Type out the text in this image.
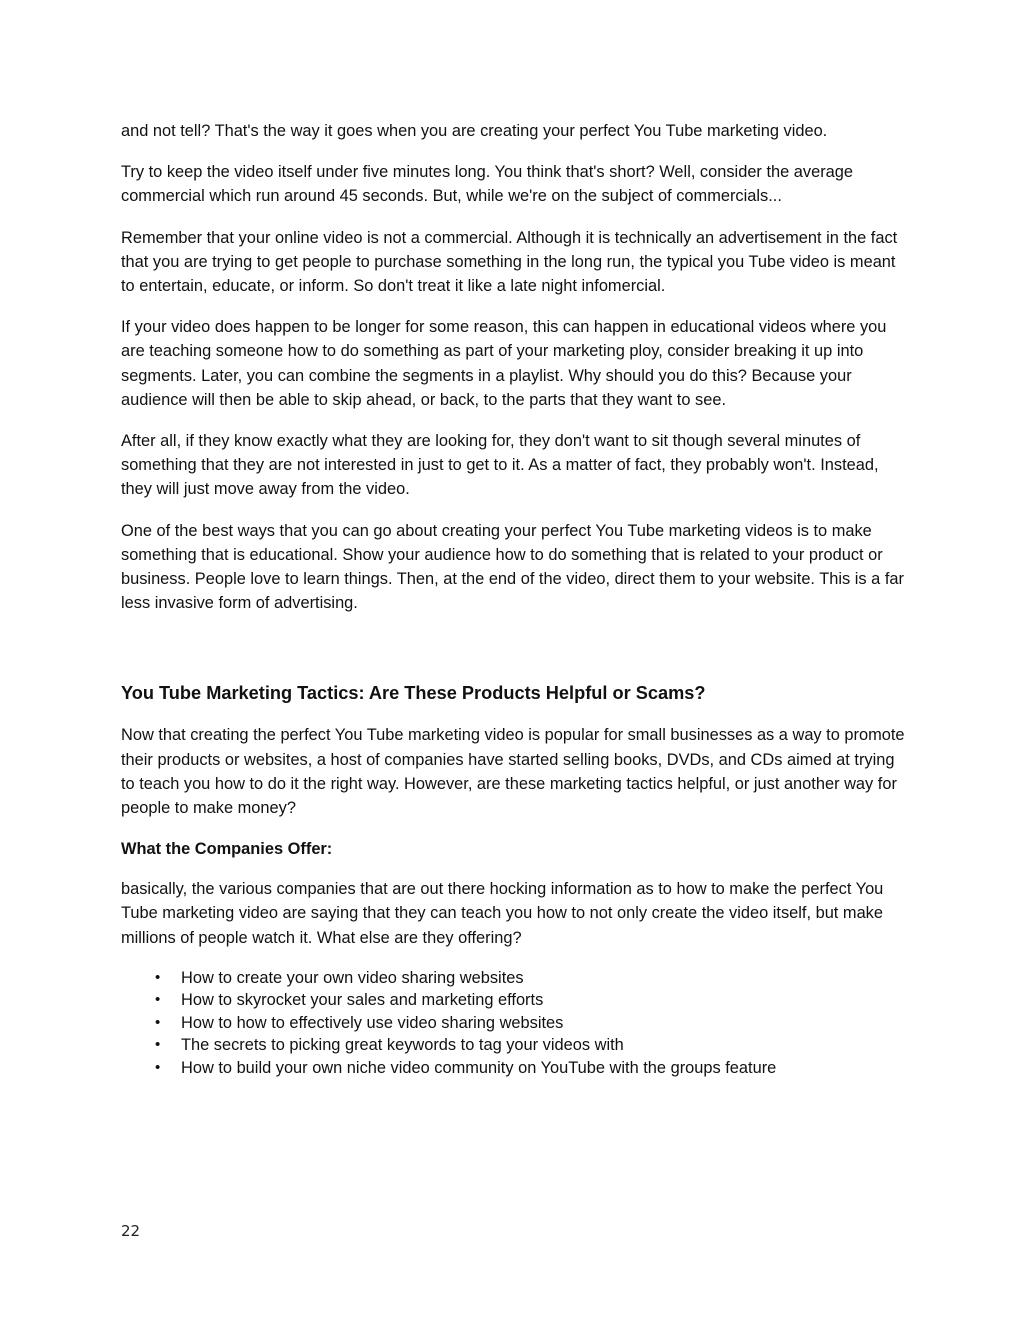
and not tell? That's the way it goes when you are creating your perfect You Tube marketing video.

Try to keep the video itself under five minutes long. You think that's short? Well, consider the average commercial which run around 45 seconds. But, while we're on the subject of commercials...

Remember that your online video is not a commercial. Although it is technically an advertisement in the fact that you are trying to get people to purchase something in the long run, the typical you Tube video is meant to entertain, educate, or inform. So don't treat it like a late night infomercial.

If your video does happen to be longer for some reason, this can happen in educational videos where you are teaching someone how to do something as part of your marketing ploy, consider breaking it up into segments. Later, you can combine the segments in a playlist. Why should you do this? Because your audience will then be able to skip ahead, or back, to the parts that they want to see.

After all, if they know exactly what they are looking for, they don't want to sit though several minutes of something that they are not interested in just to get to it. As a matter of fact, they probably won't. Instead, they will just move away from the video.

One of the best ways that you can go about creating your perfect You Tube marketing videos is to make something that is educational. Show your audience how to do something that is related to your product or business. People love to learn things. Then, at the end of the video, direct them to your website. This is a far less invasive form of advertising.

You Tube Marketing Tactics: Are These Products Helpful or Scams?

Now that creating the perfect You Tube marketing video is popular for small businesses as a way to promote their products or websites, a host of companies have started selling books, DVDs, and CDs aimed at trying to teach you how to do it the right way. However, are these marketing tactics helpful, or just another way for people to make money?

What the Companies Offer:

basically, the various companies that are out there hocking information as to how to make the perfect You Tube marketing video are saying that they can teach you how to not only create the video itself, but make millions of people watch it. What else are they offering?

• How to create your own video sharing websites
• How to skyrocket your sales and marketing efforts
• How to how to effectively use video sharing websites
• The secrets to picking great keywords to tag your videos with
• How to build your own niche video community on YouTube with the groups feature
22
